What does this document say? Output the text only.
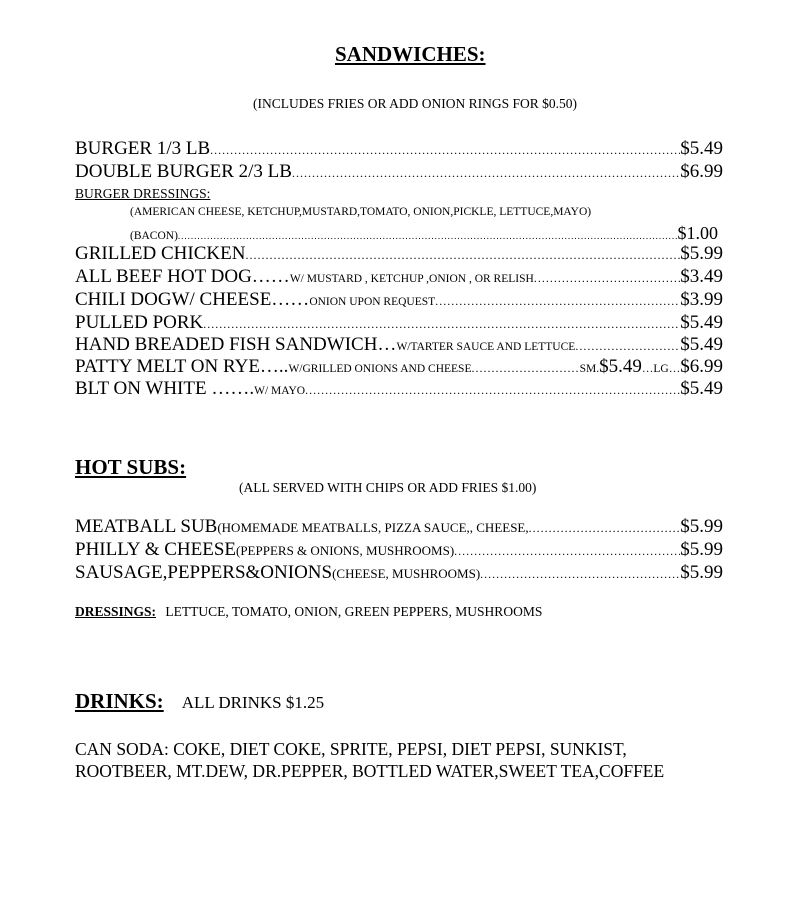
SANDWICHES:
(INCLUDES FRIES OR ADD ONION RINGS FOR $0.50)
BURGER 1/3 LB .....	$5.49
DOUBLE BURGER 2/3 LB .....	$6.99
BURGER DRESSINGS:
(AMERICAN CHEESE, KETCHUP,MUSTARD,TOMATO, ONION,PICKLE, LETTUCE,MAYO)
(BACON) .....	$1.00
GRILLED CHICKEN .....	$5.99
ALL BEEF HOT DOG…… W/ MUSTARD , KETCHUP ,ONION , OR RELISH .....	$3.49
CHILI DOGW/ CHEESE…… ONION UPON REQUEST .....	$3.99
PULLED PORK .....	$5.49
HAND BREADED FISH SANDWICH… W/TARTER SAUCE AND LETTUCE .....	$5.49
PATTY MELT ON RYE….. W/GRILLED ONIONS AND CHEESE .....	SM.$5.49…LG…$6.99
BLT ON WHITE ……. W/ MAYO .....	$5.49
HOT SUBS:
(ALL SERVED WITH CHIPS OR ADD FRIES $1.00)
MEATBALL SUB (HOMEMADE MEATBALLS, PIZZA SAUCE,, CHEESE, .....	$5.99
PHILLY & CHEESE (PEPPERS & ONIONS, MUSHROOMS) .....	$5.99
SAUSAGE,PEPPERS&ONIONS (CHEESE, MUSHROOMS) .....	$5.99
DRESSINGS: LETTUCE, TOMATO, ONION, GREEN PEPPERS, MUSHROOMS
DRINKS: ALL DRINKS $1.25
CAN SODA: COKE, DIET COKE, SPRITE, PEPSI, DIET PEPSI, SUNKIST,
ROOTBEER, MT.DEW, DR.PEPPER, BOTTLED WATER,SWEET TEA,COFFEE
